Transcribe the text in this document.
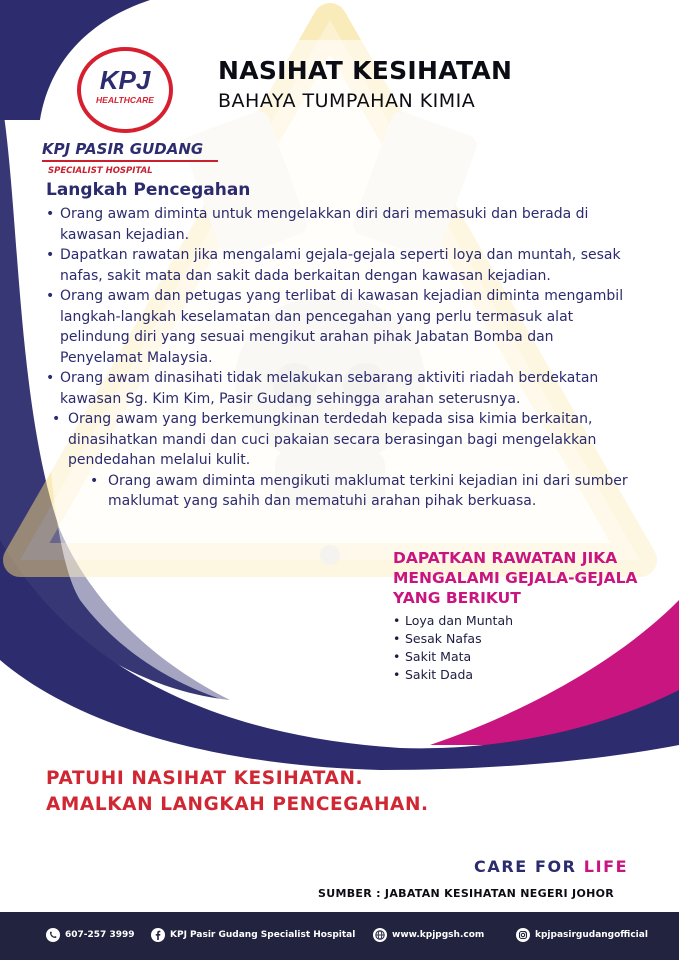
KPJ
HEALTHCARE
KPJ PASIR GUDANG
SPECIALIST HOSPITAL
NASIHAT KESIHATAN
BAHAYA TUMPAHAN KIMIA
Langkah Pencegahan
• Orang awam diminta untuk mengelakkan diri dari memasuki dan berada di kawasan kejadian.
• Dapatkan rawatan jika mengalami gejala-gejala seperti loya dan muntah, sesak nafas, sakit mata dan sakit dada berkaitan dengan kawasan kejadian.
• Orang awam dan petugas yang terlibat di kawasan kejadian diminta mengambil langkah-langkah keselamatan dan pencegahan yang perlu termasuk alat pelindung diri yang sesuai mengikut arahan pihak Jabatan Bomba dan Penyelamat Malaysia.
• Orang awam dinasihati tidak melakukan sebarang aktiviti riadah berdekatan kawasan Sg. Kim Kim, Pasir Gudang sehingga arahan seterusnya.
• Orang awam yang berkemungkinan terdedah kepada sisa kimia berkaitan, dinasihatkan mandi dan cuci pakaian secara berasingan bagi mengelakkan pendedahan melalui kulit.
• Orang awam diminta mengikuti maklumat terkini kejadian ini dari sumber maklumat yang sahih dan mematuhi arahan pihak berkuasa.
DAPATKAN RAWATAN JIKA
MENGALAMI GEJALA-GEJALA
YANG BERIKUT
• Loya dan Muntah
• Sesak Nafas
• Sakit Mata
• Sakit Dada
PATUHI NASIHAT KESIHATAN.
AMALKAN LANGKAH PENCEGAHAN.
CARE FOR LIFE
SUMBER : JABATAN KESIHATAN NEGERI JOHOR
607-257 3999	KPJ Pasir Gudang Specialist Hospital	www.kpjpgsh.com	kpjpasirgudangofficial
